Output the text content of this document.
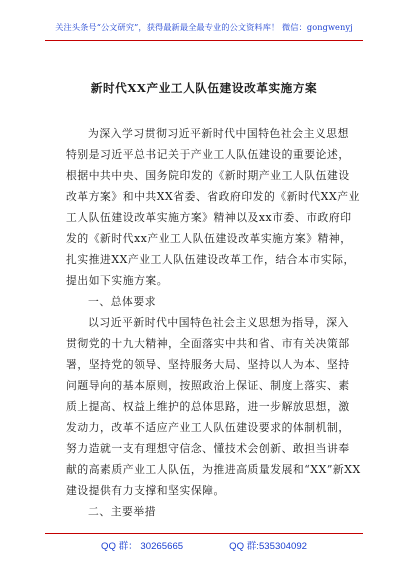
关注头条号“公文研究”，获得最新最全最专业的公文资料库！ 微信：gongwenyj
新时代XX产业工人队伍建设改革实施方案
为深入学习贯彻习近平新时代中国特色社会主义思想
特别是习近平总书记关于产业工人队伍建设的重要论述，
根据中共中央、国务院印发的《新时期产业工人队伍建设
改革方案》和中共XX省委、省政府印发的《新时代XX产业
工人队伍建设改革实施方案》精神以及xx市委、市政府印
发的《新时代xx产业工人队伍建设改革实施方案》精神，
扎实推进XX产业工人队伍建设改革工作，结合本市实际，
提出如下实施方案。
一、总体要求
以习近平新时代中国特色社会主义思想为指导，深入
贯彻党的十九大精神，全面落实中共和省、市有关决策部
署，坚持党的领导、坚持服务大局、坚持以人为本、坚持
问题导向的基本原则，按照政治上保证、制度上落实、素
质上提高、权益上维护的总体思路，进一步解放思想，激
发动力，改革不适应产业工人队伍建设要求的体制机制，
努力造就一支有理想守信念、懂技术会创新、敢担当讲奉
献的高素质产业工人队伍，为推进高质量发展和“XX”新XX
建设提供有力支撑和坚实保障。
二、主要举措
QQ 群： 30265665	QQ 群:535304092
